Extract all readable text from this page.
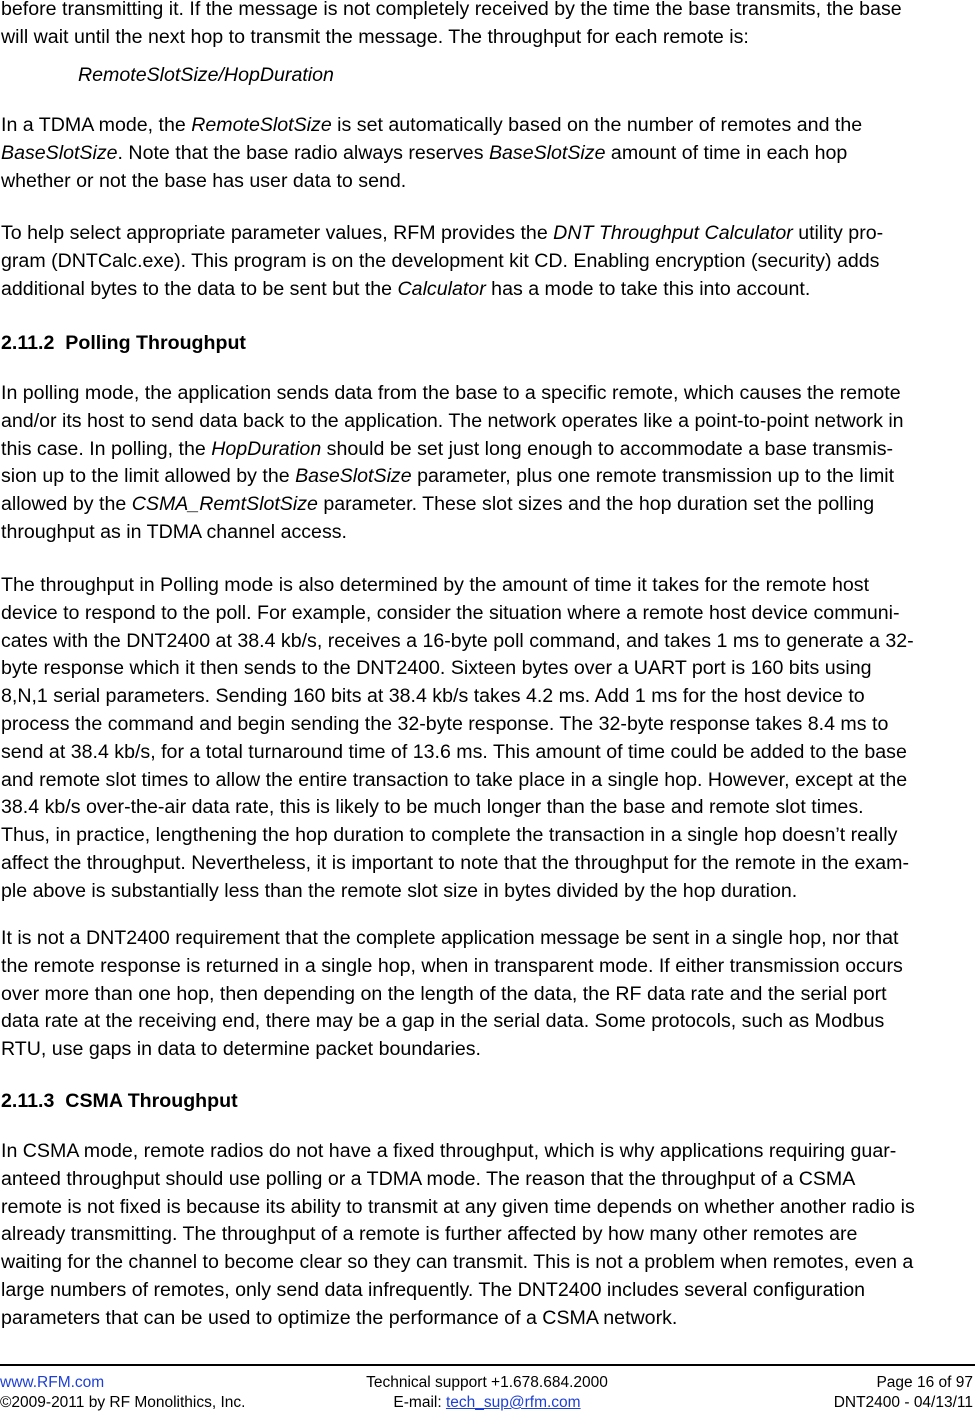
before transmitting it. If the message is not completely received by the time the base transmits, the base
will wait until the next hop to transmit the message. The throughput for each remote is:

RemoteSlotSize/HopDuration

In a TDMA mode, the RemoteSlotSize is set automatically based on the number of remotes and the
BaseSlotSize. Note that the base radio always reserves BaseSlotSize amount of time in each hop
whether or not the base has user data to send.

To help select appropriate parameter values, RFM provides the DNT Throughput Calculator utility pro-
gram (DNTCalc.exe). This program is on the development kit CD. Enabling encryption (security) adds
additional bytes to the data to be sent but the Calculator has a mode to take this into account.

2.11.2 Polling Throughput

In polling mode, the application sends data from the base to a specific remote, which causes the remote
and/or its host to send data back to the application. The network operates like a point-to-point network in
this case. In polling, the HopDuration should be set just long enough to accommodate a base transmis-
sion up to the limit allowed by the BaseSlotSize parameter, plus one remote transmission up to the limit
allowed by the CSMA_RemtSlotSize parameter. These slot sizes and the hop duration set the polling
throughput as in TDMA channel access.

The throughput in Polling mode is also determined by the amount of time it takes for the remote host
device to respond to the poll. For example, consider the situation where a remote host device communi-
cates with the DNT2400 at 38.4 kb/s, receives a 16-byte poll command, and takes 1 ms to generate a 32-
byte response which it then sends to the DNT2400. Sixteen bytes over a UART port is 160 bits using
8,N,1 serial parameters. Sending 160 bits at 38.4 kb/s takes 4.2 ms. Add 1 ms for the host device to
process the command and begin sending the 32-byte response. The 32-byte response takes 8.4 ms to
send at 38.4 kb/s, for a total turnaround time of 13.6 ms. This amount of time could be added to the base
and remote slot times to allow the entire transaction to take place in a single hop. However, except at the
38.4 kb/s over-the-air data rate, this is likely to be much longer than the base and remote slot times.
Thus, in practice, lengthening the hop duration to complete the transaction in a single hop doesn’t really
affect the throughput. Nevertheless, it is important to note that the throughput for the remote in the exam-
ple above is substantially less than the remote slot size in bytes divided by the hop duration.

It is not a DNT2400 requirement that the complete application message be sent in a single hop, nor that
the remote response is returned in a single hop, when in transparent mode. If either transmission occurs
over more than one hop, then depending on the length of the data, the RF data rate and the serial port
data rate at the receiving end, there may be a gap in the serial data. Some protocols, such as Modbus
RTU, use gaps in data to determine packet boundaries.

2.11.3 CSMA Throughput

In CSMA mode, remote radios do not have a fixed throughput, which is why applications requiring guar-
anteed throughput should use polling or a TDMA mode. The reason that the throughput of a CSMA
remote is not fixed is because its ability to transmit at any given time depends on whether another radio is
already transmitting. The throughput of a remote is further affected by how many other remotes are
waiting for the channel to become clear so they can transmit. This is not a problem when remotes, even a
large numbers of remotes, only send data infrequently. The DNT2400 includes several configuration
parameters that can be used to optimize the performance of a CSMA network.

www.RFM.com
©2009-2011 by RF Monolithics, Inc.
Technical support +1.678.684.2000
E-mail: tech_sup@rfm.com
Page 16 of 97
DNT2400 - 04/13/11
